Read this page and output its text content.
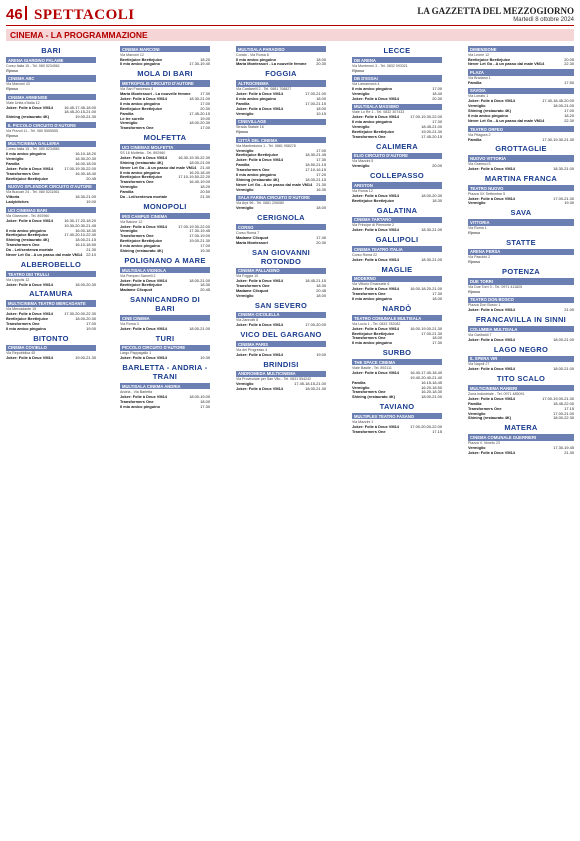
46 SPETTACOLI	LA GAZZETTA DEL MEZZOGIORNO
Martedì 8 ottobre 2024
CINEMA - LA PROGRAMMAZIONE
BARI
ARENA GIARDINO PALAME
Corso Italia 15 - Tel. 080 5234561
Riposo
CINEMA ABC
Via Marconi 43
Riposo
CINEMA ARMENISE
Viale Unità d'Italia 12
Joker: Folie à Deux VM14	16.45-17.45-18.00
18.45-20.15-21.00
Shining (restaurato 4K)	19.00-21.30
IL PICCOLO CIRCUITO D'AUTORE
Via Pizzoli 11 - Tel. 080 5555555
Riposo
MULTICINEMA GALLERIA
Corso Italia 15 - Tel. 080 5234561
Il mio amico pinguino	16.10-18.20
Vermiglio	18.30-20.30
Familia	16.00-18.00
Joker: Folie à Deux VM14	17.00-19.30-22.00
Transformers One	16.30-18.40
Beetlejuice Beetlejuice	20.45
NUOVO SPLENDOR CIRCUITO D'AUTORE
Via Buccari 24 - Tel. 080 5211561
Vittoria	18.30-21.00
Ladybitches	19.00
UCI CINEMAS BARI
Via Giannone - Tel. 892960
Joker: Folie à Deux VM14	16.30-17.20-18.20
19.30-20.30-21.45
Il mio amico pinguino	16.00-18.30
Beetlejuice Beetlejuice	17.40-20.10-22.40
Shining (restaurato 4K)	18.00-21.15
Transformers One	16.10-18.50
Do - Lei/sentenza mortale	21.30
Never Let Go - A un passo dal male VM14 22.10
ALBEROBELLO
TEATRO DEI TRULLI
Via Lippolis 12
Joker: Folie à Deux VM14	18.00-20.30
ALTAMURA
MULTICINEMA TEATRO MERCADANTE
Via Mercadante 15
Joker: Folie à Deux VM14	17.30-20.00-22.30
Beetlejuice Beetlejuice	18.00-20.30
Transformers One	17.00
Il mio amico pinguino	19.00
BITONTO
CINEMA COVIELLO
Via Repubblica 45
Joker: Folie à Deux VM14	19.00-21.30
CINEMA MARCONI
Via Marconi 12
Beetlejuice Beetlejuice	18.20
Il mio amico pinguino	17.30-19.40
MOLA DI BARI
METROPOLIS CIRCUITO D'AUTORE
Via San Francesco 4
Maria Montessori - La nouvelle femme	17.30
Joker: Folie à Deux VM14	18.30-21.00
Il mio amico pinguino	17.00
Beetlejuice Beetlejuice	20.30
Familia	17.45-20.15
Le tre sorelle	19.00
Vermiglio	18.00-20.30
Transformers One	17.00
MOLFETTA
UCI CINEMAS MOLFETTA
SS 16 Molfetta - Tel. 892960
Joker: Folie à Deux VM14	16.30-19.30-22.30
Shining (restaurato 4K)	18.00-21.00
Never Let Go - A un passo dal male VM14 21.40
Il mio amico pinguino	16.20-18.40
Beetlejuice Beetlejuice	17.10-19.50-22.20
Transformers One	16.40-19.00
Vermiglio	18.20
Familia	20.50
Do - Lei/sentenza mortale	21.30
MONOPOLI
IRIS CAMPUS CINEMA
Via Baione 12
Joker: Folie à Deux VM14	17.00-19.30-22.00
Vermiglio	17.30-19.45
Transformers One	17.00-19.00
Beetlejuice Beetlejuice	19.00-21.30
Il mio amico pinguino	17.00
Shining (restaurato 4K)	19.30
POLIGNANO A MARE
MULTISALA VIGNOLA
Via Pompeo Sarnelli 2
Joker: Folie à Deux VM14	18.00-21.00
Beetlejuice Beetlejuice	18.30
Madame Clicquot	20.45
SANNICANDRO DI BARI
CINE CINEMA
Via Roma 3
Joker: Folie à Deux VM14	18.00-21.00
TURI
PICCOLO CIRCUITO D'AUTORE
Largo Pappagallo 1
Joker: Folie à Deux VM14	19.30
BARLETTA - ANDRIA - TRANI
MULTISALA CINEMA ANDRIA
Andria - Via Barletta
Joker: Folie à Deux VM14	18.00-19.00
Transformers One	18.00
Il mio amico pinguino	17.30
MULTISALA PARADISO
Corato - Via Roma 8
Il mio amico pinguino	18.00
Maria Montessori - La nouvelle femme	20.30
FOGGIA
ALTROCINEMA
Via Cardarelli 2 - Tel. 0881 708827
Joker: Folie à Deux VM14	17.00-21.00
Il mio amico pinguino	18.00
Familia	17.00-21.15
Joker: Folie à Deux VM14	18.00
Vermiglio	19.15
CINEVILLAGE
Strada Statale 16
Riposo
CITTÀ DEL CINEMA
Via Manfredonia 1 - Tel. 0881 958278
Vermiglio	17.00
Beetlejuice Beetlejuice	18.30-21.45
Joker: Folie à Deux VM14	17.30
Familia	18.50-21.15
Transformers One	17.10-16.15
Il mio amico pinguino	17.20
Shining (restaurato 4K)	18.00-21.15
Never Let Go - A un passo dal male VM14 21.30
Vermiglio	16.30
SALA FARINA CIRCUITO D'AUTORE
Via Arpi 96 - Tel. 0881 206080
Vermiglio	18.00
CERIGNOLA
CORSO
Corso Roma 7
Madame Clicquot	17.40
Maria Montessori	20.30
SAN GIOVANNI ROTONDO
CINEMA PALLADINO
Via Foggia 10
Joker: Folie à Deux VM14	18.45-21.15
Transformers One	18.30
Madame Clicquot	20.45
Vermiglio	18.00
SAN SEVERO
CINEMA CICOLELLA
Via Zannotti 8
Joker: Folie à Deux VM14	17.00-20.00
VICO DEL GARGANO
CINEMA PARIS
Via del Progresso 4
Joker: Folie à Deux VM14	19.00
BRINDISI
ANDROMEDA MULTICINEMA
Via Provinciale per San Vito - Tel. 0831 554242
Vermiglio	17.45-18.15-21.00
Joker: Folie à Deux VM14	18.00-21.30
LECCE
DB ARENA
Via Monteroni 3 - Tel. 0832 093321
Riposo
DB D'ESSAI
Via Lamarmora 4
Il mio amico pinguino	17.00
Vermiglio	18.40
Joker: Folie à Deux VM14	20.30
MULTISALA MASSIMO
Viale Lo Re 1 - Tel. 0832 307433
Joker: Folie à Deux VM14	17.00-19.30-22.00
Il mio amico pinguino	17.30
Vermiglio	18.45-21.00
Beetlejuice Beetlejuice	19.00-21.30
Transformers One	17.45-20.15
CALIMERA
ELIO CIRCUITO D'AUTORE
Via Mazzini 5
Vermiglio	20.00
COLLEPASSO
ARISTON
Via Roma 12
Joker: Folie à Deux VM14	18.00-20.30
Beetlejuice Beetlejuice	18.30
GALATINA
CINEMA TARTARO
Via Principe di Piemonte 2
Joker: Folie à Deux VM14	18.30-21.00
GALLIPOLI
CINEMA TEATRO ITALIA
Corso Roma 22
Joker: Folie à Deux VM14	18.30-21.00
MAGLIE
MODERNO
Via Vittorio Emanuele 6
Joker: Folie à Deux VM14	16.00-18.20-21.00
Transformers One	17.30
Il mio amico pinguino	18.00
NARDÒ
TEATRO COMUNALE MULTISALA
Via Lucio 1 - Tel. 0833 782082
Joker: Folie à Deux VM14	16.00-19.00-21.30
Beetlejuice Beetlejuice	17.00-21.30
Transformers One	18.00
Il mio amico pinguino	17.30
SURBO
THE SPACE CINEMA
Viale Basile - Tel. 892111
Joker: Folie à Deux VM14	16.40-17.40-18.40
19.40-20.40-21.40
Familia	16.15-18.45
Vermiglio	16.20-18.50
Transformers One	16.20-18.30
Shining (restaurato 4K)	18.00-21.00
TAVIANO
MULTIPLEX TEATRO FASANO
Via Mazzini 1
Joker: Folie à Deux VM14	17.00-20.00-22.00
Transformers One	17.15
DIMENSIONE
Via Leone 12
Beetlejuice Beetlejuice	20.05
Never Let Go - A un passo dal male VM14	22.30
PLAZA
Via Bradano 1
Familia	17.50
SAVOIA
Via Lonato 1
Joker: Folie à Deux VM14	17.40-18.45-20.00
Vermiglio	18.00-21.00
Shining (restaurato 4K)	17.00
Il mio amico pinguino	18.20
Never Let Go - A un passo dal male VM14	22.30
TEATRO ORFEO
Via Pitagora 2
Familia	17.30-19.30-21.30
GROTTAGLIE
NUOVO VITTORIA
Via Gramsci 5
Joker: Folie à Deux VM14	18.30-21.00
MARTINA FRANCA
TEATRO NUOVO
Piazza XX Settembre 5
Joker: Folie à Deux VM14	17.00-21.30
Vermiglio	19.30
SAVA
VITTORIA
Via Roma 1
Riposo
STATTE
ARENA PERSA
Via Pasubio 2
Riposo
POTENZA
DUE TORRI
Via Due Torri 3 - Tel. 0971 411825
Riposo
TEATRO DON BOSCO
Piazza Don Bosco 1
Joker: Folie à Deux VM14	21.00
FRANCAVILLA IN SINNI
COLUMBIA MULTISALA
Via Garibaldi 7
Joker: Folie à Deux VM14	18.00-21.00
LAGO NEGRO
IL SPERA VIR
Via Napoli 27
Joker: Folie à Deux VM14	18.00-21.00
TITO SCALO
MULTICINEMA RANIERI
Zona Industriale - Tel. 0971 485091
Joker: Folie à Deux VM14	17.00-19.00-21.30
Familia	18.45-22.00
Transformers One	17.15
Vermiglio	17.00-21.00
Shining (restaurato 4K)	18.00-22.30
MATERA
CINEMA COMUNALE GUERRIERI
Piazza V. Veneto 23
Vermiglio	17.30-19.45
Joker: Folie à Deux VM14	21.30
